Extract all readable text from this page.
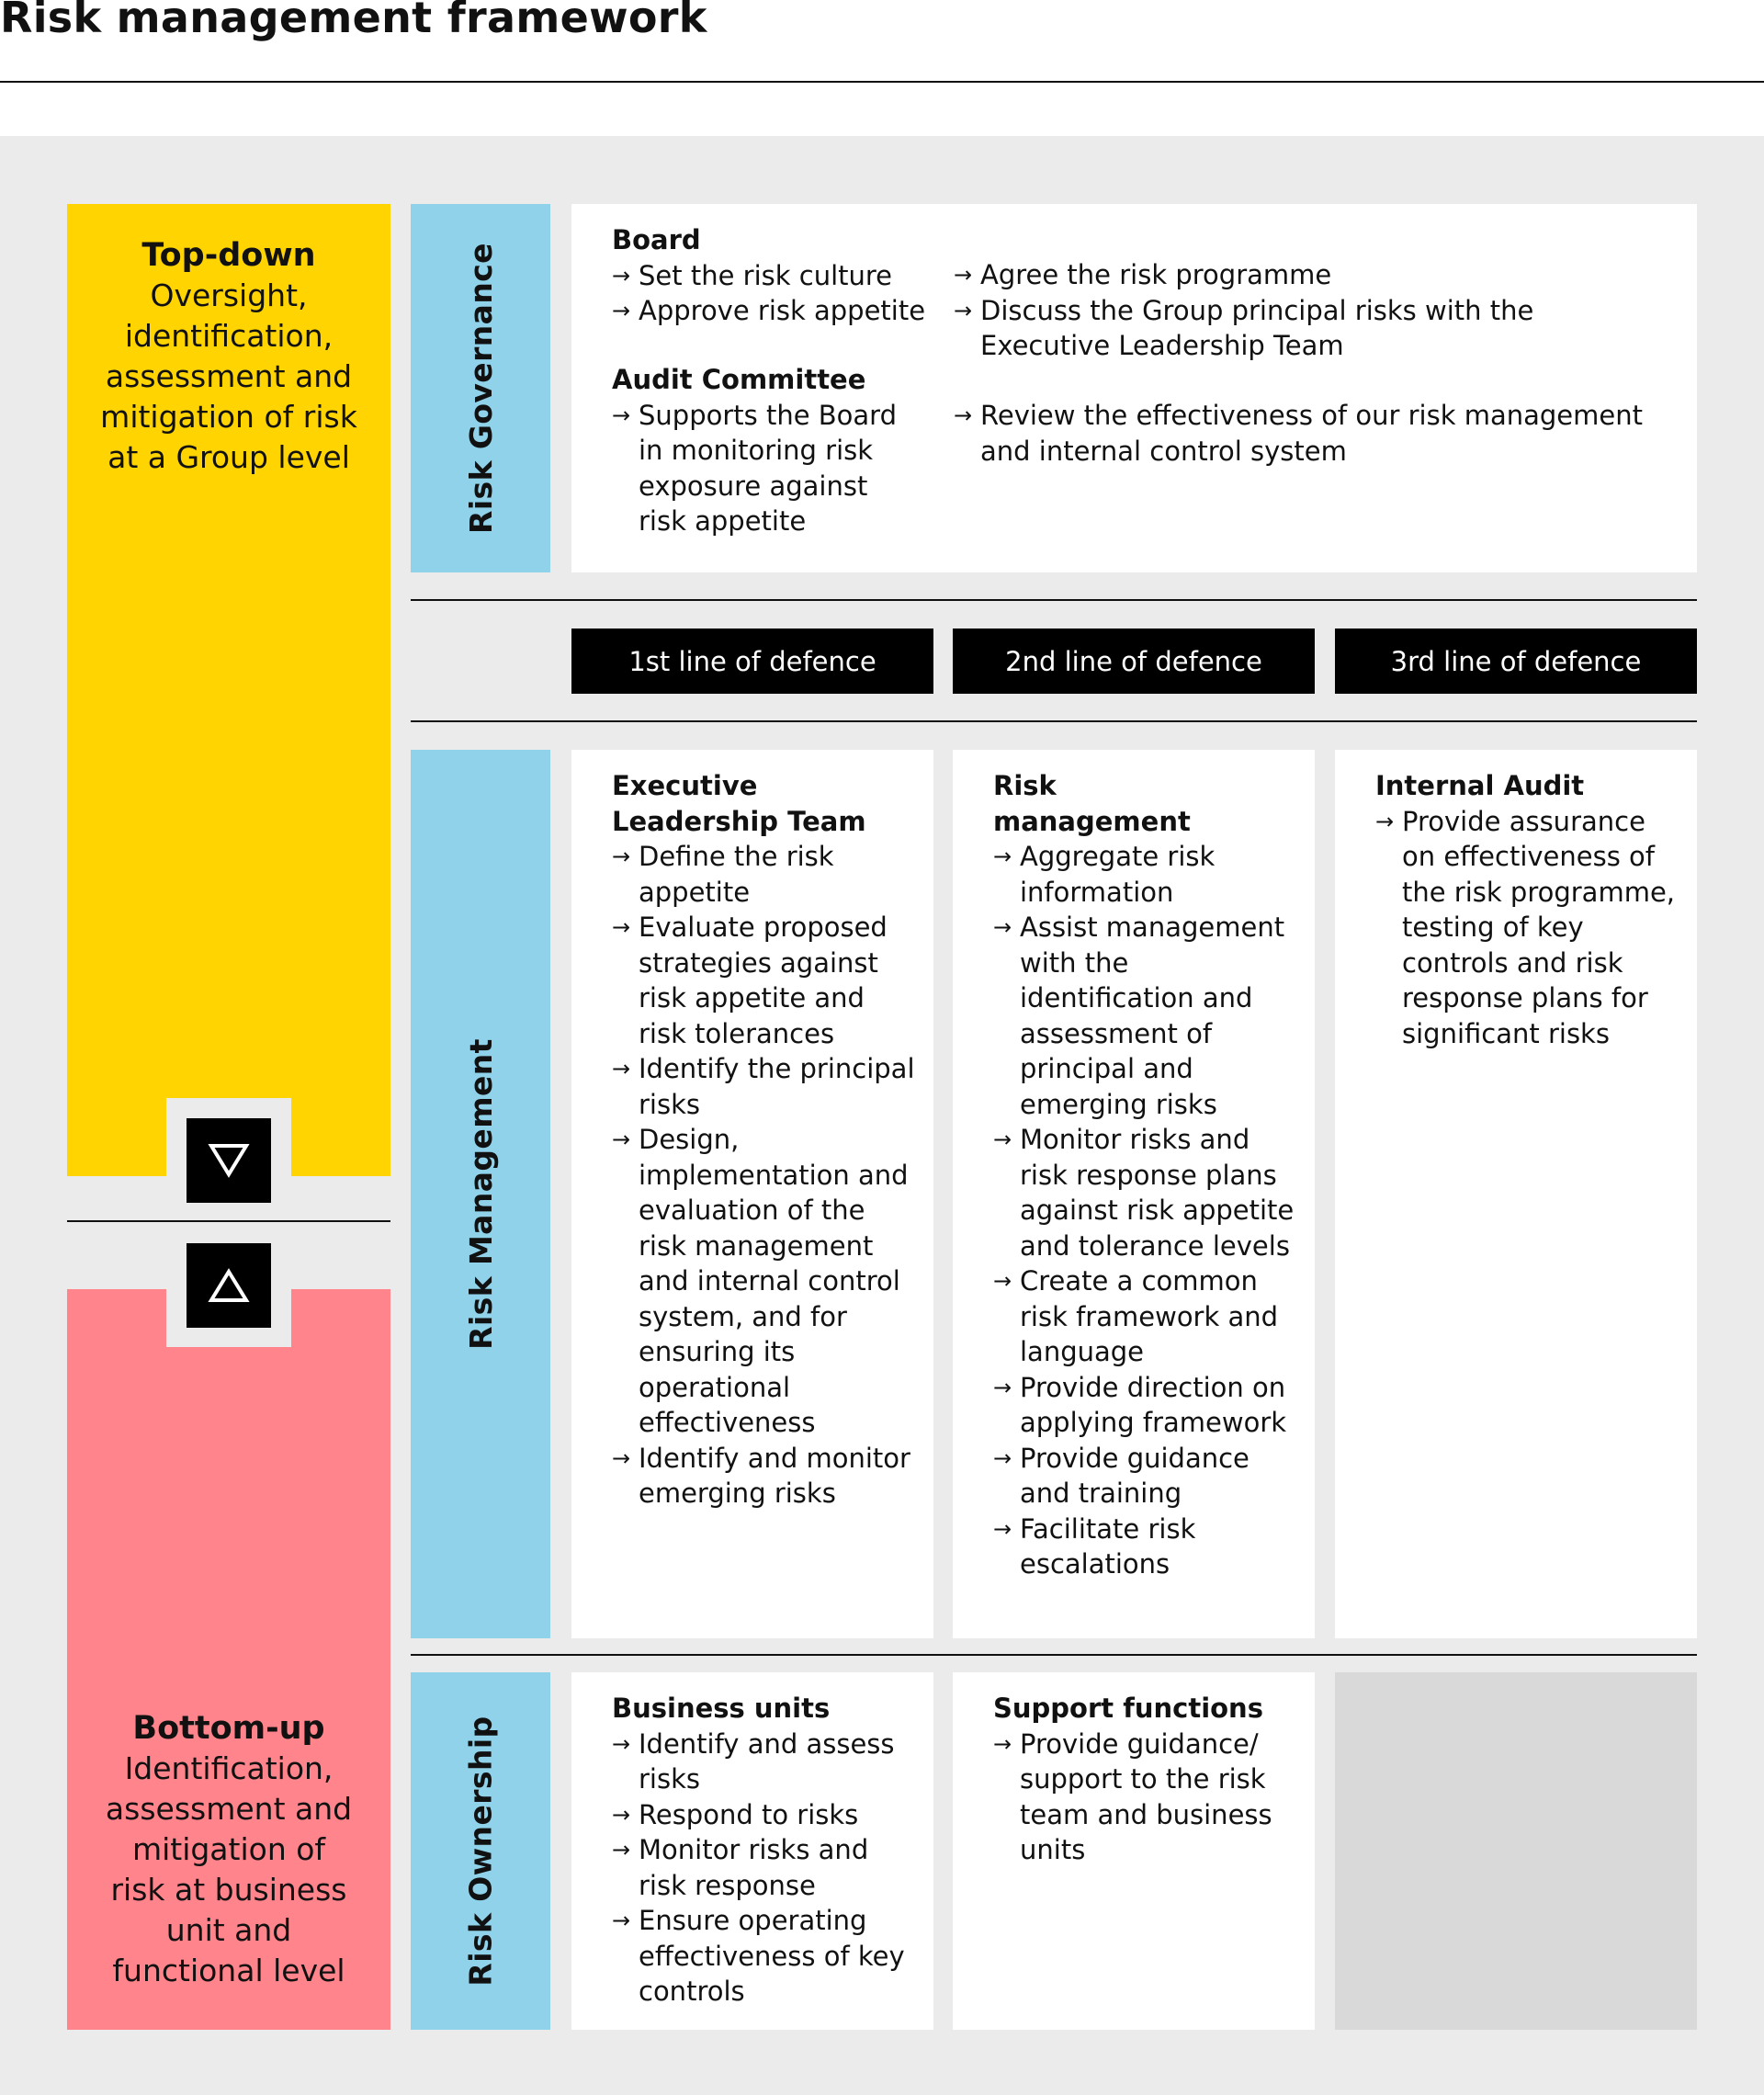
Risk management framework
Top-down
Oversight,
identification,
assessment and
mitigation of risk
at a Group level
Bottom-up
Identification,
assessment and
mitigation of
risk at business
unit and
functional level
Risk Governance
Risk Management
Risk Ownership
Board
→ Set the risk culture
→ Approve risk appetite
→ Agree the risk programme
→ Discuss the Group principal risks with the Executive Leadership Team
Audit Committee
→ Supports the Board in monitoring risk exposure against risk appetite
→ Review the effectiveness of our risk management and internal control system
1st line of defence	2nd line of defence	3rd line of defence
Executive
Leadership Team
→ Define the risk appetite
→ Evaluate proposed strategies against risk appetite and risk tolerances
→ Identify the principal risks
→ Design, implementation and evaluation of the risk management and internal control system, and for ensuring its operational effectiveness
→ Identify and monitor emerging risks
Risk
management
→ Aggregate risk information
→ Assist management with the identification and assessment of principal and emerging risks
→ Monitor risks and risk response plans against risk appetite and tolerance levels
→ Create a common risk framework and language
→ Provide direction on applying framework
→ Provide guidance and training
→ Facilitate risk escalations
Internal Audit
→ Provide assurance on effectiveness of the risk programme, testing of key controls and risk response plans for significant risks
Business units
→ Identify and assess risks
→ Respond to risks
→ Monitor risks and risk response
→ Ensure operating effectiveness of key controls
Support functions
→ Provide guidance/ support to the risk team and business units
